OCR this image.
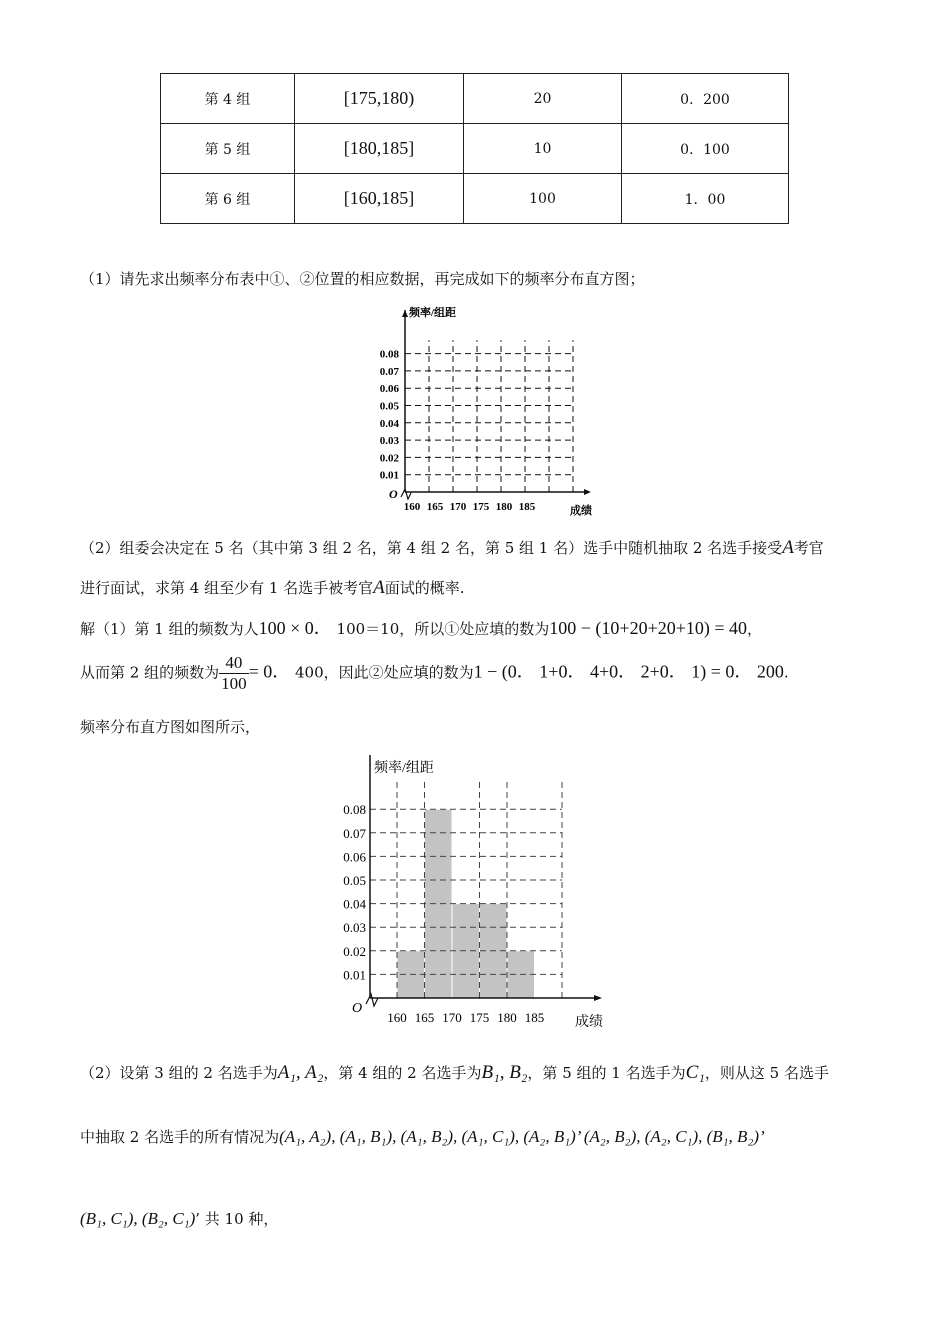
第 4 组	[175,180)	20	0．200
第 5 组	[180,185]	10	0．100
第 6 组	[160,185]	100	1．00
（1）请先求出频率分布表中①、②位置的相应数据，再完成如下的频率分布直方图；
O
频率/组距
成绩
0.08
0.07
0.06
0.05
0.04
0.03
0.02
0.01
160 165 170 175 180 185
（2）组委会决定在 5 名（其中第 3 组 2 名，第 4 组 2 名，第 5 组 1 名）选手中随机抽取 2 名选手接受A考官
进行面试，求第 4 组至少有 1 名选手被考官A面试的概率.
解（1）第 1 组的频数为人100 × 0． 100＝10，所以①处应填的数为100 − (10+20+20+10) = 40，
从而第 2 组的频数为 $\frac{40}{100} = 0$． 400，因此②处应填的数为1 − (0． 1+0． 4+0． 2+0． 1) = 0． 200.
频率分布直方图如图所示，
0.08
0.07
0.06
0.05
0.04
0.03
0.02
0.01
O
频率/组距
成绩
160 165 170 175 180 185
（2）设第 3 组的 2 名选手为A₁, A₂，第 4 组的 2 名选手为B₁, B₂，第 5 组的 1 名选手为C₁，则从这 5 名选手
中抽取 2 名选手的所有情况为(A₁, A₂), (A₁, B₁), (A₁, B₂), (A₁, C₁), (A₂, B₁)’ (A₂, B₂), (A₂, C₁), (B₁, B₂)’
(B₁, C₁), (B₂, C₁)’ 共 10 种，
